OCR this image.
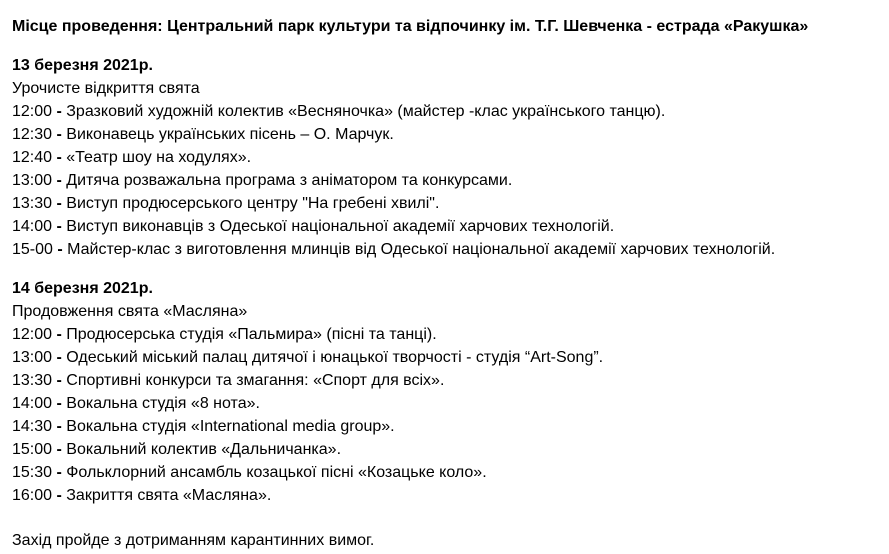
Місце проведення: Центральний парк культури та відпочинку ім. Т.Г. Шевченка - естрада «Ракушка»
13 березня 2021р.
Урочисте відкриття свята
12:00 - Зразковий художній колектив «Весняночка» (майстер -клас українського танцю).
12:30 - Виконавець українських пісень – О. Марчук.
12:40 - «Театр шоу на ходулях».
13:00 - Дитяча розважальна програма з аніматором та конкурсами.
13:30 - Виступ продюсерського центру "На гребені хвилі".
14:00 - Виступ виконавців з Одеської національної академії харчових технологій.
15-00 - Майстер-клас з виготовлення млинців від Одеської національної академії харчових технологій.
14 березня 2021р.
Продовження свята «Масляна»
12:00 - Продюсерська студія «Пальмира» (пісні та танці).
13:00 - Одеський міський палац дитячої і юнацької творчості - студія “Art-Song”.
13:30 - Спортивні конкурси та змагання: «Спорт для всіх».
14:00 - Вокальна студія «8 нота».
14:30 - Вокальна студія «International media group».
15:00 - Вокальний колектив «Дальничанка».
15:30 - Фольклорний ансамбль козацької пісні «Козацьке коло».
16:00 - Закриття свята «Масляна».
Захід пройде з дотриманням карантинних вимог.
